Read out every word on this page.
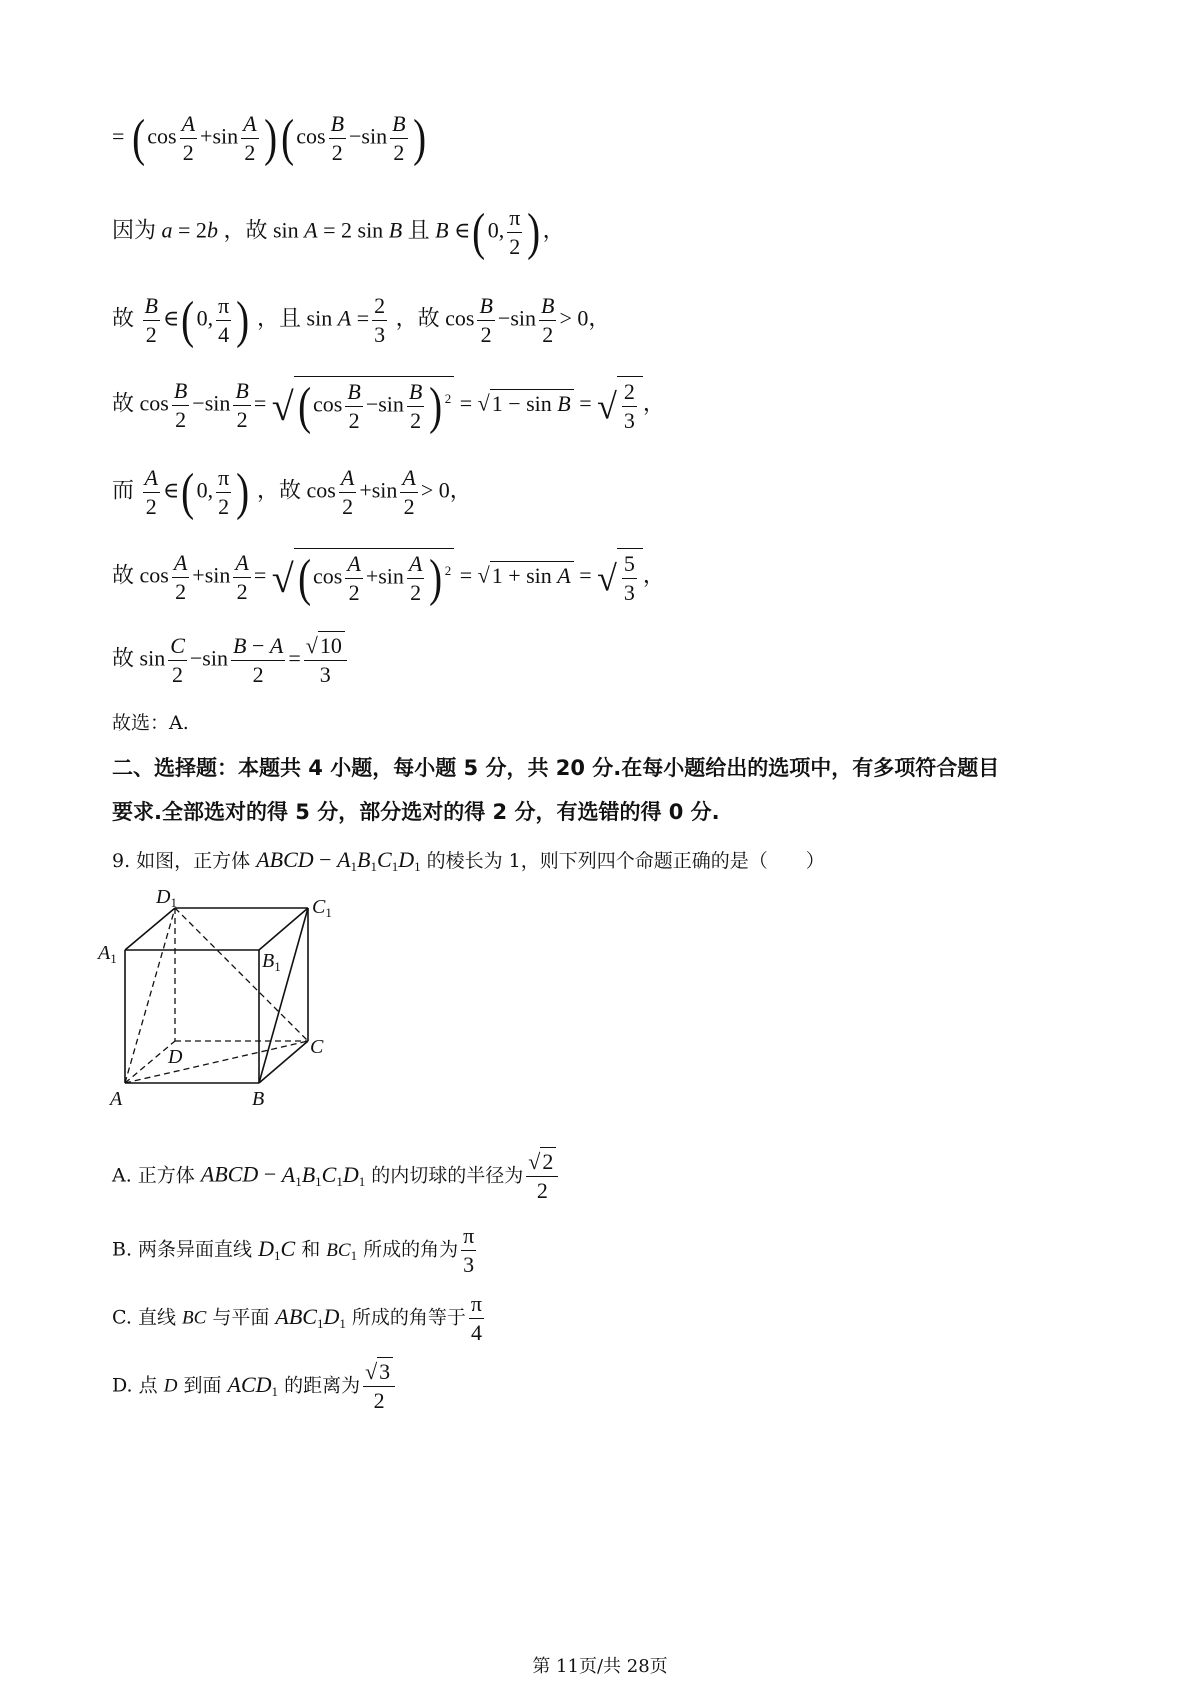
= $(\cos \frac{A}{2} +\sin \frac{A}{2} )(\cos \frac{B}{2} -\sin \frac{B}{2}$ )
因为 a = 2b ，故 sin A = 2 sin B 且 B ∈(0, $\frac{\pi}{2}$ )，
故 $\frac{B}{2}$ ∈(0, $\frac{\pi}{4}$ ) ，且 $\sin A = \frac{2}{3}$ ，故 $\cos \frac{B}{2} -\sin \frac{B}{2} > 0$，
故 $\cos \frac{B}{2} -\sin \frac{B}{2} = √(\cos \frac{B}{2} -\sin \frac{B}{2}$ ) $^2$ = √1 − sin B = √ $\frac{2}{3}$ ，
而 $\frac{A}{2}$ ∈(0, $\frac{\pi}{2}$ ) ，故 $\cos \frac{A}{2} +\sin \frac{A}{2} > 0$，
故 $\cos \frac{A}{2} +\sin \frac{A}{2} = √(\cos \frac{A}{2} +\sin \frac{A}{2}$ ) $^2$ = √1 + sin A = √ $\frac{5}{3}$ ，
故 $\sin \frac{C}{2} -\sin \frac{B - A}{2} = \frac{√10}{3}$
故选：A.
二、选择题：本题共 4 小题，每小题 5 分，共 20 分.在每小题给出的选项中，有多项符合题目
要求.全部选对的得 5 分，部分选对的得 2 分，有选错的得 0 分.
9. 如图，正方体 ABCD − $A_1B_1C_1D_1$ 的棱长为 1，则下列四个命题正确的是（　　）
$D_1$	$C_1$
$A_1$	$B_1$
D	C
A	B
A. 正方体 ABCD − $A_1B_1C_1D_1$ 的内切球的半径为 $\frac{√2}{2}$
B. 两条异面直线 $D_1C$ 和 $BC_1$ 所成的角为 $\frac{\pi}{3}$
C. 直线 BC 与平面 $ABC_1D_1$ 所成的角等于 $\frac{\pi}{4}$
D. 点 D 到面 $ACD_1$ 的距离为 $\frac{√3}{2}$
第 11页/共 28页
